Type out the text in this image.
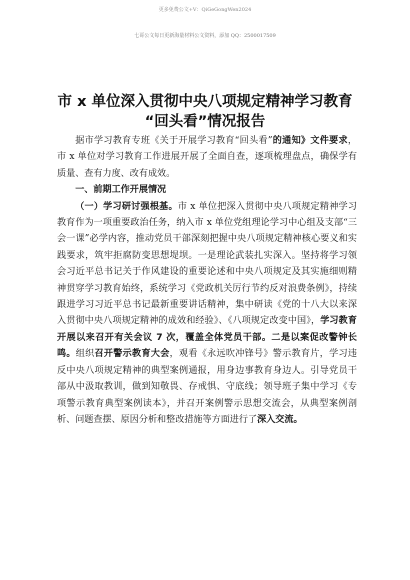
更多免费公文+V：QiGeGongWen2024
七哥公文每日更新海量材料公文资料，添加 QQ：2500017509
市 x 单位深入贯彻中央八项规定精神学习教育
“回头看”情况报告

据市学习教育专班《关于开展学习教育“回头看”的通知》文件要求，市 x 单位对学习教育工作进展开展了全面自查，逐项梳理盘点，确保学有质量、查有力度、改有成效。

一、前期工作开展情况

（一）学习研讨强根基。市 x 单位把深入贯彻中央八项规定精神学习教育作为一项重要政治任务，纳入市 x 单位党组理论学习中心组及支部“三会一课”必学内容，推动党员干部深刻把握中央八项规定精神核心要义和实践要求，筑牢拒腐防变思想堤坝。一是理论武装扎实深入。坚持将学习领会习近平总书记关于作风建设的重要论述和中央八项规定及其实施细则精神贯穿学习教育始终，系统学习《党政机关厉行节约反对浪费条例》，持续跟进学习习近平总书记最新重要讲话精神，集中研读《党的十八大以来深入贯彻中央八项规定精神的成效和经验》、《八项规定改变中国》，学习教育开展以来召开有关会议 7 次，覆盖全体党员干部。二是以案促改警钟长鸣。组织召开警示教育大会，观看《永远吹冲锋号》警示教育片，学习违反中央八项规定精神的典型案例通报，用身边事教育身边人。引导党员干部从中汲取教训，做到知敬畏、存戒惧、守底线；领导班子集中学习《专项警示教育典型案例读本》，并召开案例警示思想交流会，从典型案例剖析、问题查摆、原因分析和整改措施等方面进行了深入交流。
